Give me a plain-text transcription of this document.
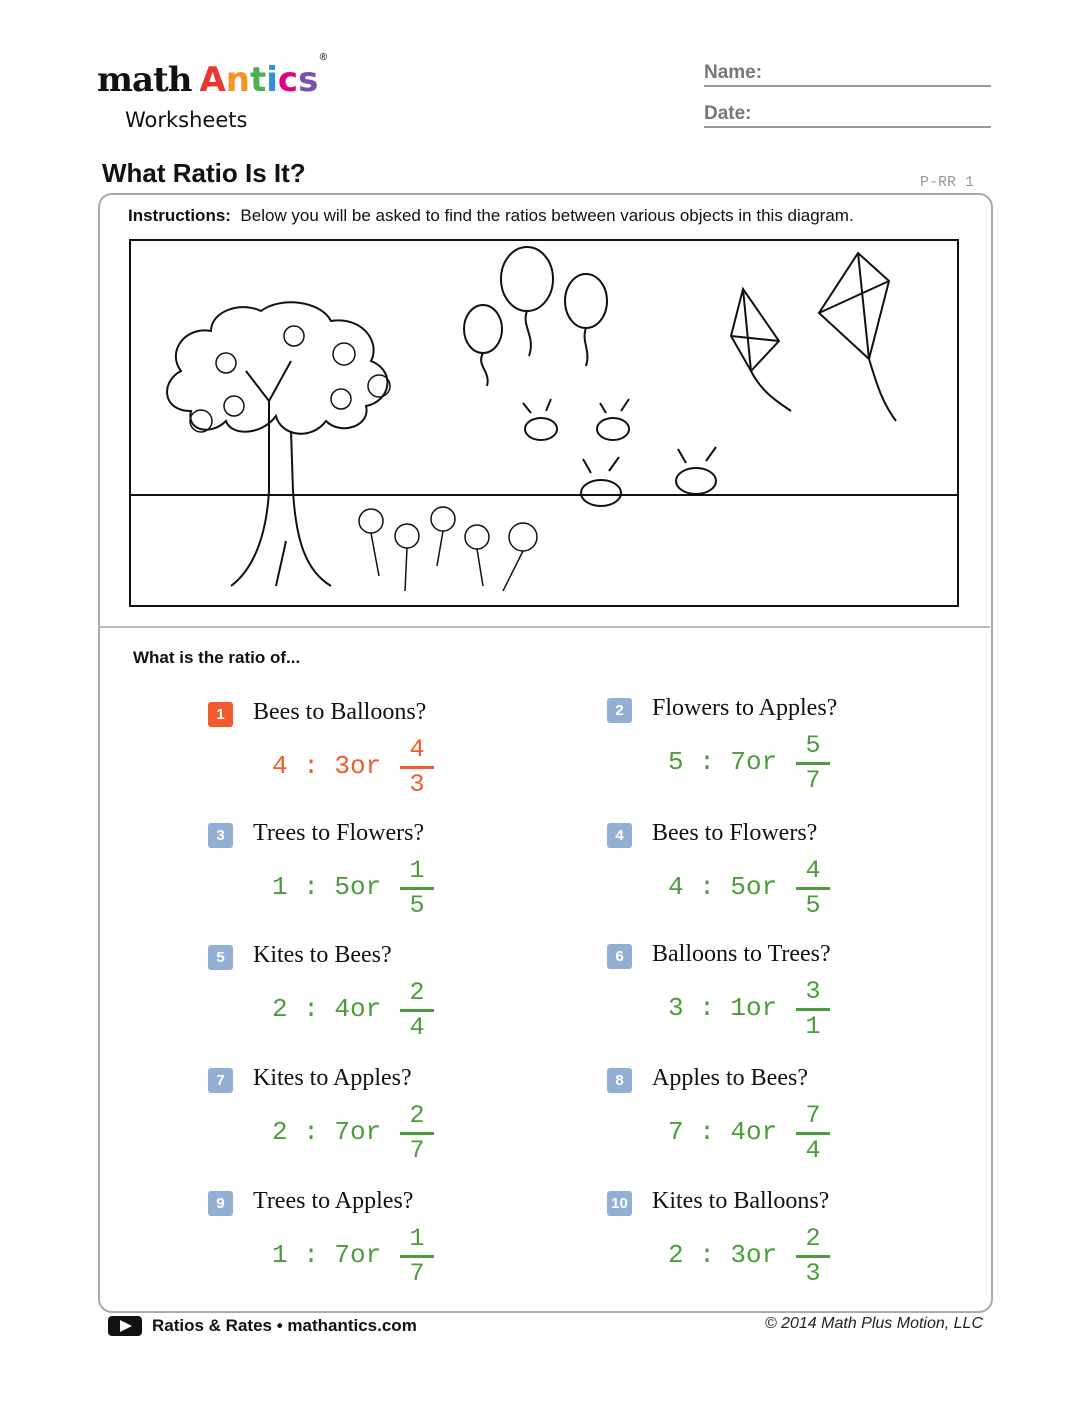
math Antics®
Worksheets
Name:
Date:
What Ratio Is It?	P-RR 1
Instructions: Below you will be asked to find the ratios between various objects in this diagram.
What is the ratio of...
1	Bees to Balloons?
4 : 3 or
4
3
2	Flowers to Apples?
5 : 7 or
5
7
3	Trees to Flowers?
1 : 5 or
1
5
4	Bees to Flowers?
4 : 5 or
4
5
5	Kites to Bees?
2 : 4 or
2
4
6	Balloons to Trees?
3 : 1 or
3
1
7	Kites to Apples?
2 : 7 or
2
7
8	Apples to Bees?
7 : 4 or
7
4
9	Trees to Apples?
1 : 7 or
1
7
10 Kites to Balloons?
2 : 3 or
2
3
Ratios & Rates • mathantics.com	© 2014 Math Plus Motion, LLC
